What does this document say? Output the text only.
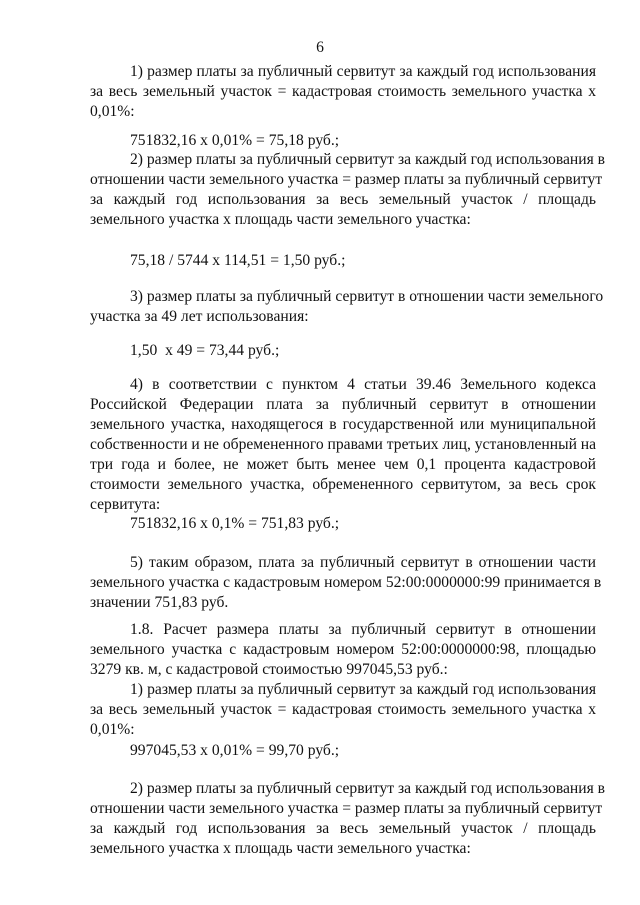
6
1) размер платы за публичный сервитут за каждый год использования
за весь земельный участок = кадастровая стоимость земельного участка х
0,01%:
751832,16 х 0,01% = 75,18 руб.;
2) размер платы за публичный сервитут за каждый год использования в
отношении части земельного участка = размер платы за публичный сервитут
за каждый год использования за весь земельный участок / площадь
земельного участка х площадь части земельного участка:
75,18 / 5744 х 114,51 = 1,50 руб.;
3) размер платы за публичный сервитут в отношении части земельного
участка за 49 лет использования:
1,50  х 49 = 73,44 руб.;
4) в соответствии с пунктом 4 статьи 39.46 Земельного кодекса
Российской Федерации плата за публичный сервитут в отношении
земельного участка, находящегося в государственной или муниципальной
собственности и не обремененного правами третьих лиц, установленный на
три года и более, не может быть менее чем 0,1 процента кадастровой
стоимости земельного участка, обремененного сервитутом, за весь срок
сервитута:
751832,16 х 0,1% = 751,83 руб.;
5) таким образом, плата за публичный сервитут в отношении части
земельного участка с кадастровым номером 52:00:0000000:99 принимается в
значении 751,83 руб.
1.8. Расчет размера платы за публичный сервитут в отношении
земельного участка с кадастровым номером 52:00:0000000:98, площадью
3279 кв. м, с кадастровой стоимостью 997045,53 руб.:
1) размер платы за публичный сервитут за каждый год использования
за весь земельный участок = кадастровая стоимость земельного участка х
0,01%:
2) размер платы за публичный сервитут за каждый год использования в
отношении части земельного участка = размер платы за публичный сервитут
за каждый год использования за весь земельный участок / площадь
земельного участка х площадь части земельного участка:
997045,53 х 0,01% = 99,70 руб.;
